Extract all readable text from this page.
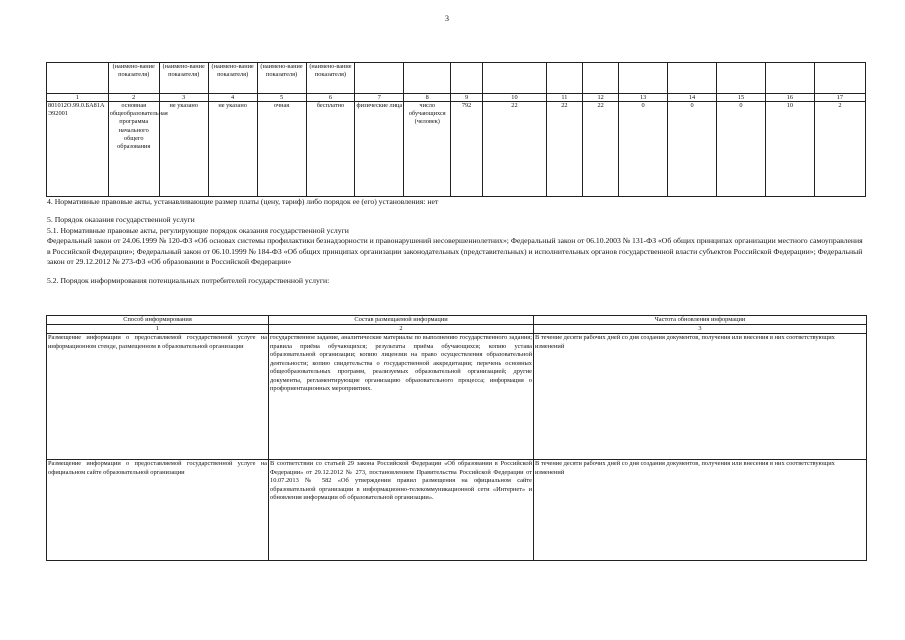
3
	(наимено-вание показателя)	(наимено-вание показателя)	(наимено-вание показателя)	(наимено-вание показателя)	(наимено-вание показателя)											
1	2	3	4	5	6	7	8	9	10	11	12	13	14	15	16	17
801012О.99.0.БА81АЭ92001	основная общеобразовательная программа начального общего образования	не указано	не указано	очная	бесплатно	физические лица	число обучающихся (человек)	792	22	22	22	0	0	0	10	2
4. Нормативные правовые акты, устанавливающие размер платы (цену, тариф) либо порядок ее (его) установления: нет
5. Порядок оказания государственной услуги
5.1. Нормативные правовые акты, регулирующие порядок оказания государственной услуги
Федеральный закон от 24.06.1999 № 120-ФЗ «Об основах системы профилактики безнадзорности и правонарушений несовершеннолетних»; Федеральный закон от 06.10.2003 № 131-ФЗ «Об общих принципах организации местного самоуправления в Российской Федерации»; Федеральный закон от 06.10.1999 № 184-ФЗ «Об общих принципах организации законодательных (представительных) и исполнительных органов государственной власти субъектов Российской Федерации»; Федеральный закон от 29.12.2012 № 273-ФЗ «Об образовании в Российской Федерации»
5.2. Порядок информирования потенциальных потребителей государственной услуги:
Способ информирования	Состав размещаемой информации	Частота обновления информации
1	2	3
Размещение информации о предоставляемой государственной услуге на информационном стенде, размещенном в образовательной организации	государственное задание, аналитические материалы по выполнению государственного задания; правила приёма обучающихся; результаты приёма обучающихся; копию устава образовательной организации; копию лицензии на право осуществления образовательной деятельности; копию свидетельства о государственной аккредитации; перечень основных общеобразовательных программ, реализуемых образовательной организацией; другие документы, регламентирующие организацию образовательного процесса; информация о профориентационных мероприятиях.	В течение десяти рабочих дней со дня создания документов, получения или внесения в них соответствующих изменений
Размещение информации о предоставляемой государственной услуге на официальном сайте образовательной организации	В соответствии со статьей 29 закона Российской Федерации «Об образовании в Российской Федерации» от 29.12.2012 № 273, постановлением Правительства Российской Федерации от 10.07.2013 № 582 «Об утверждении правил размещения на официальном сайте образовательной организации в информационно-телекоммуникационной сети «Интернет» и обновления информации об образовательной организации».	В течение десяти рабочих дней со дня создания документов, получения или внесения в них соответствующих изменений
